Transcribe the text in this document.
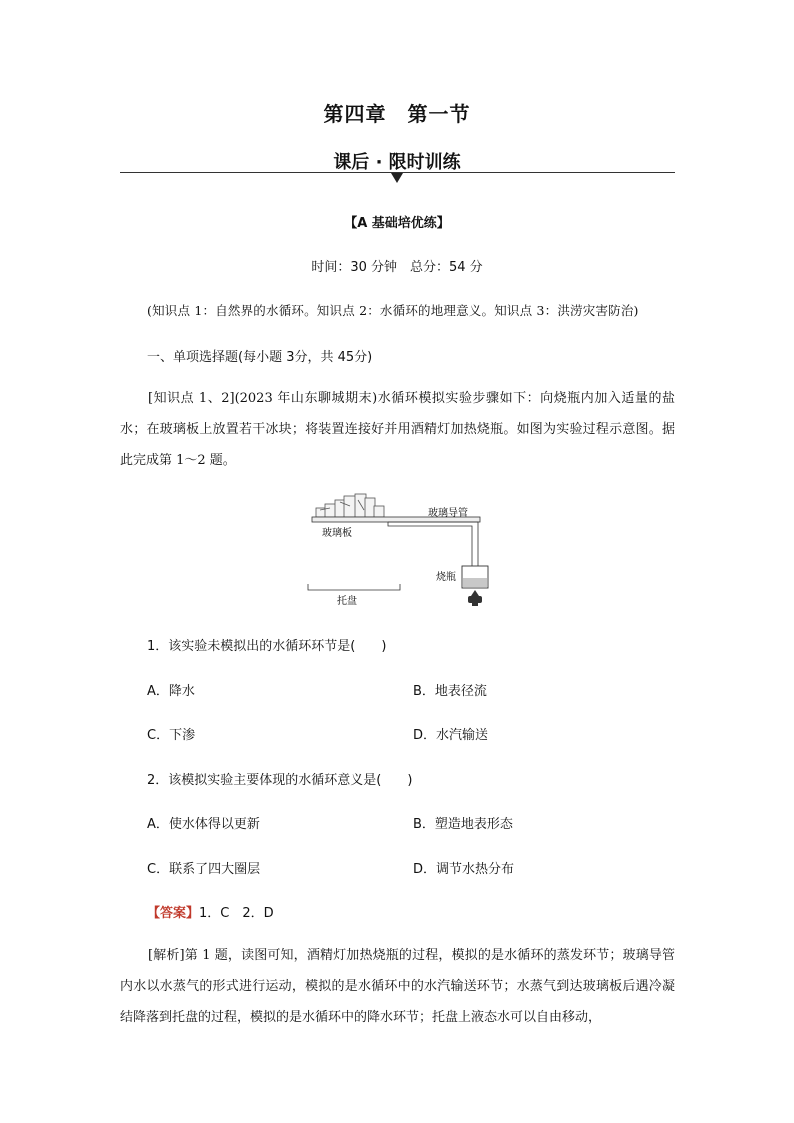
第四章　第一节
课后 · 限时训练
【A 基础培优练】
时间：30 分钟　总分：54 分
(知识点 1：自然界的水循环。知识点 2：水循环的地理意义。知识点 3：洪涝灾害防治)
一、单项选择题(每小题 3分，共 45分)
[知识点 1、2](2023 年山东聊城期末)水循环模拟实验步骤如下：向烧瓶内加入适量的盐水；在玻璃板上放置若干冰块；将装置连接好并用酒精灯加热烧瓶。如图为实验过程示意图。据此完成第 1～2 题。
玻璃板
玻璃导管
烧瓶
托盘
1．该实验未模拟出的水循环环节是(　　)
A．降水	B．地表径流
C．下渗	D．水汽输送
2．该模拟实验主要体现的水循环意义是(　　)
A．使水体得以更新	B．塑造地表形态
C．联系了四大圈层	D．调节水热分布
【答案】1．C　2．D
[解析]第 1 题，读图可知，酒精灯加热烧瓶的过程，模拟的是水循环的蒸发环节；玻璃导管内水以水蒸气的形式进行运动，模拟的是水循环中的水汽输送环节；水蒸气到达玻璃板后遇冷凝结降落到托盘的过程，模拟的是水循环中的降水环节；托盘上液态水可以自由移动，
